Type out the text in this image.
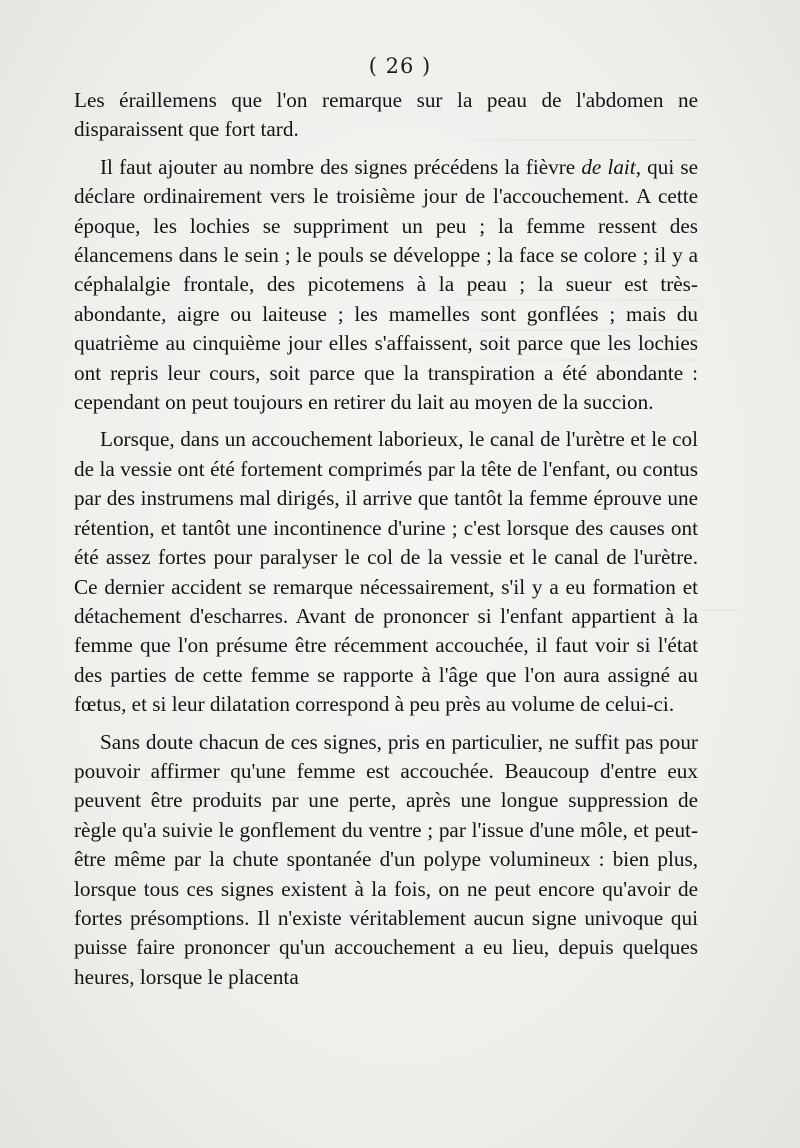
( 26 )

Les éraillemens que l'on remarque sur la peau de l'abdomen ne disparaissent que fort tard.

Il faut ajouter au nombre des signes précédens la fièvre de lait, qui se déclare ordinairement vers le troisième jour de l'accouchement. A cette époque, les lochies se suppriment un peu ; la femme ressent des élancemens dans le sein ; le pouls se développe ; la face se colore ; il y a céphalalgie frontale, des picotemens à la peau ; la sueur est très-abondante, aigre ou laiteuse ; les mamelles sont gonflées ; mais du quatrième au cinquième jour elles s'affaissent, soit parce que les lochies ont repris leur cours, soit parce que la transpiration a été abondante : cependant on peut toujours en retirer du lait au moyen de la succion.

Lorsque, dans un accouchement laborieux, le canal de l'urètre et le col de la vessie ont été fortement comprimés par la tête de l'enfant, ou contus par des instrumens mal dirigés, il arrive que tantôt la femme éprouve une rétention, et tantôt une incontinence d'urine ; c'est lorsque des causes ont été assez fortes pour paralyser le col de la vessie et le canal de l'urètre. Ce dernier accident se remarque nécessairement, s'il y a eu formation et détachement d'escharres. Avant de prononcer si l'enfant appartient à la femme que l'on présume être récemment accouchée, il faut voir si l'état des parties de cette femme se rapporte à l'âge que l'on aura assigné au fœtus, et si leur dilatation correspond à peu près au volume de celui-ci.

Sans doute chacun de ces signes, pris en particulier, ne suffit pas pour pouvoir affirmer qu'une femme est accouchée. Beaucoup d'entre eux peuvent être produits par une perte, après une longue suppression de règle qu'a suivie le gonflement du ventre ; par l'issue d'une môle, et peut-être même par la chute spontanée d'un polype volumineux : bien plus, lorsque tous ces signes existent à la fois, on ne peut encore qu'avoir de fortes présomptions. Il n'existe véritablement aucun signe univoque qui puisse faire prononcer qu'un accouchement a eu lieu, depuis quelques heures, lorsque le placenta
